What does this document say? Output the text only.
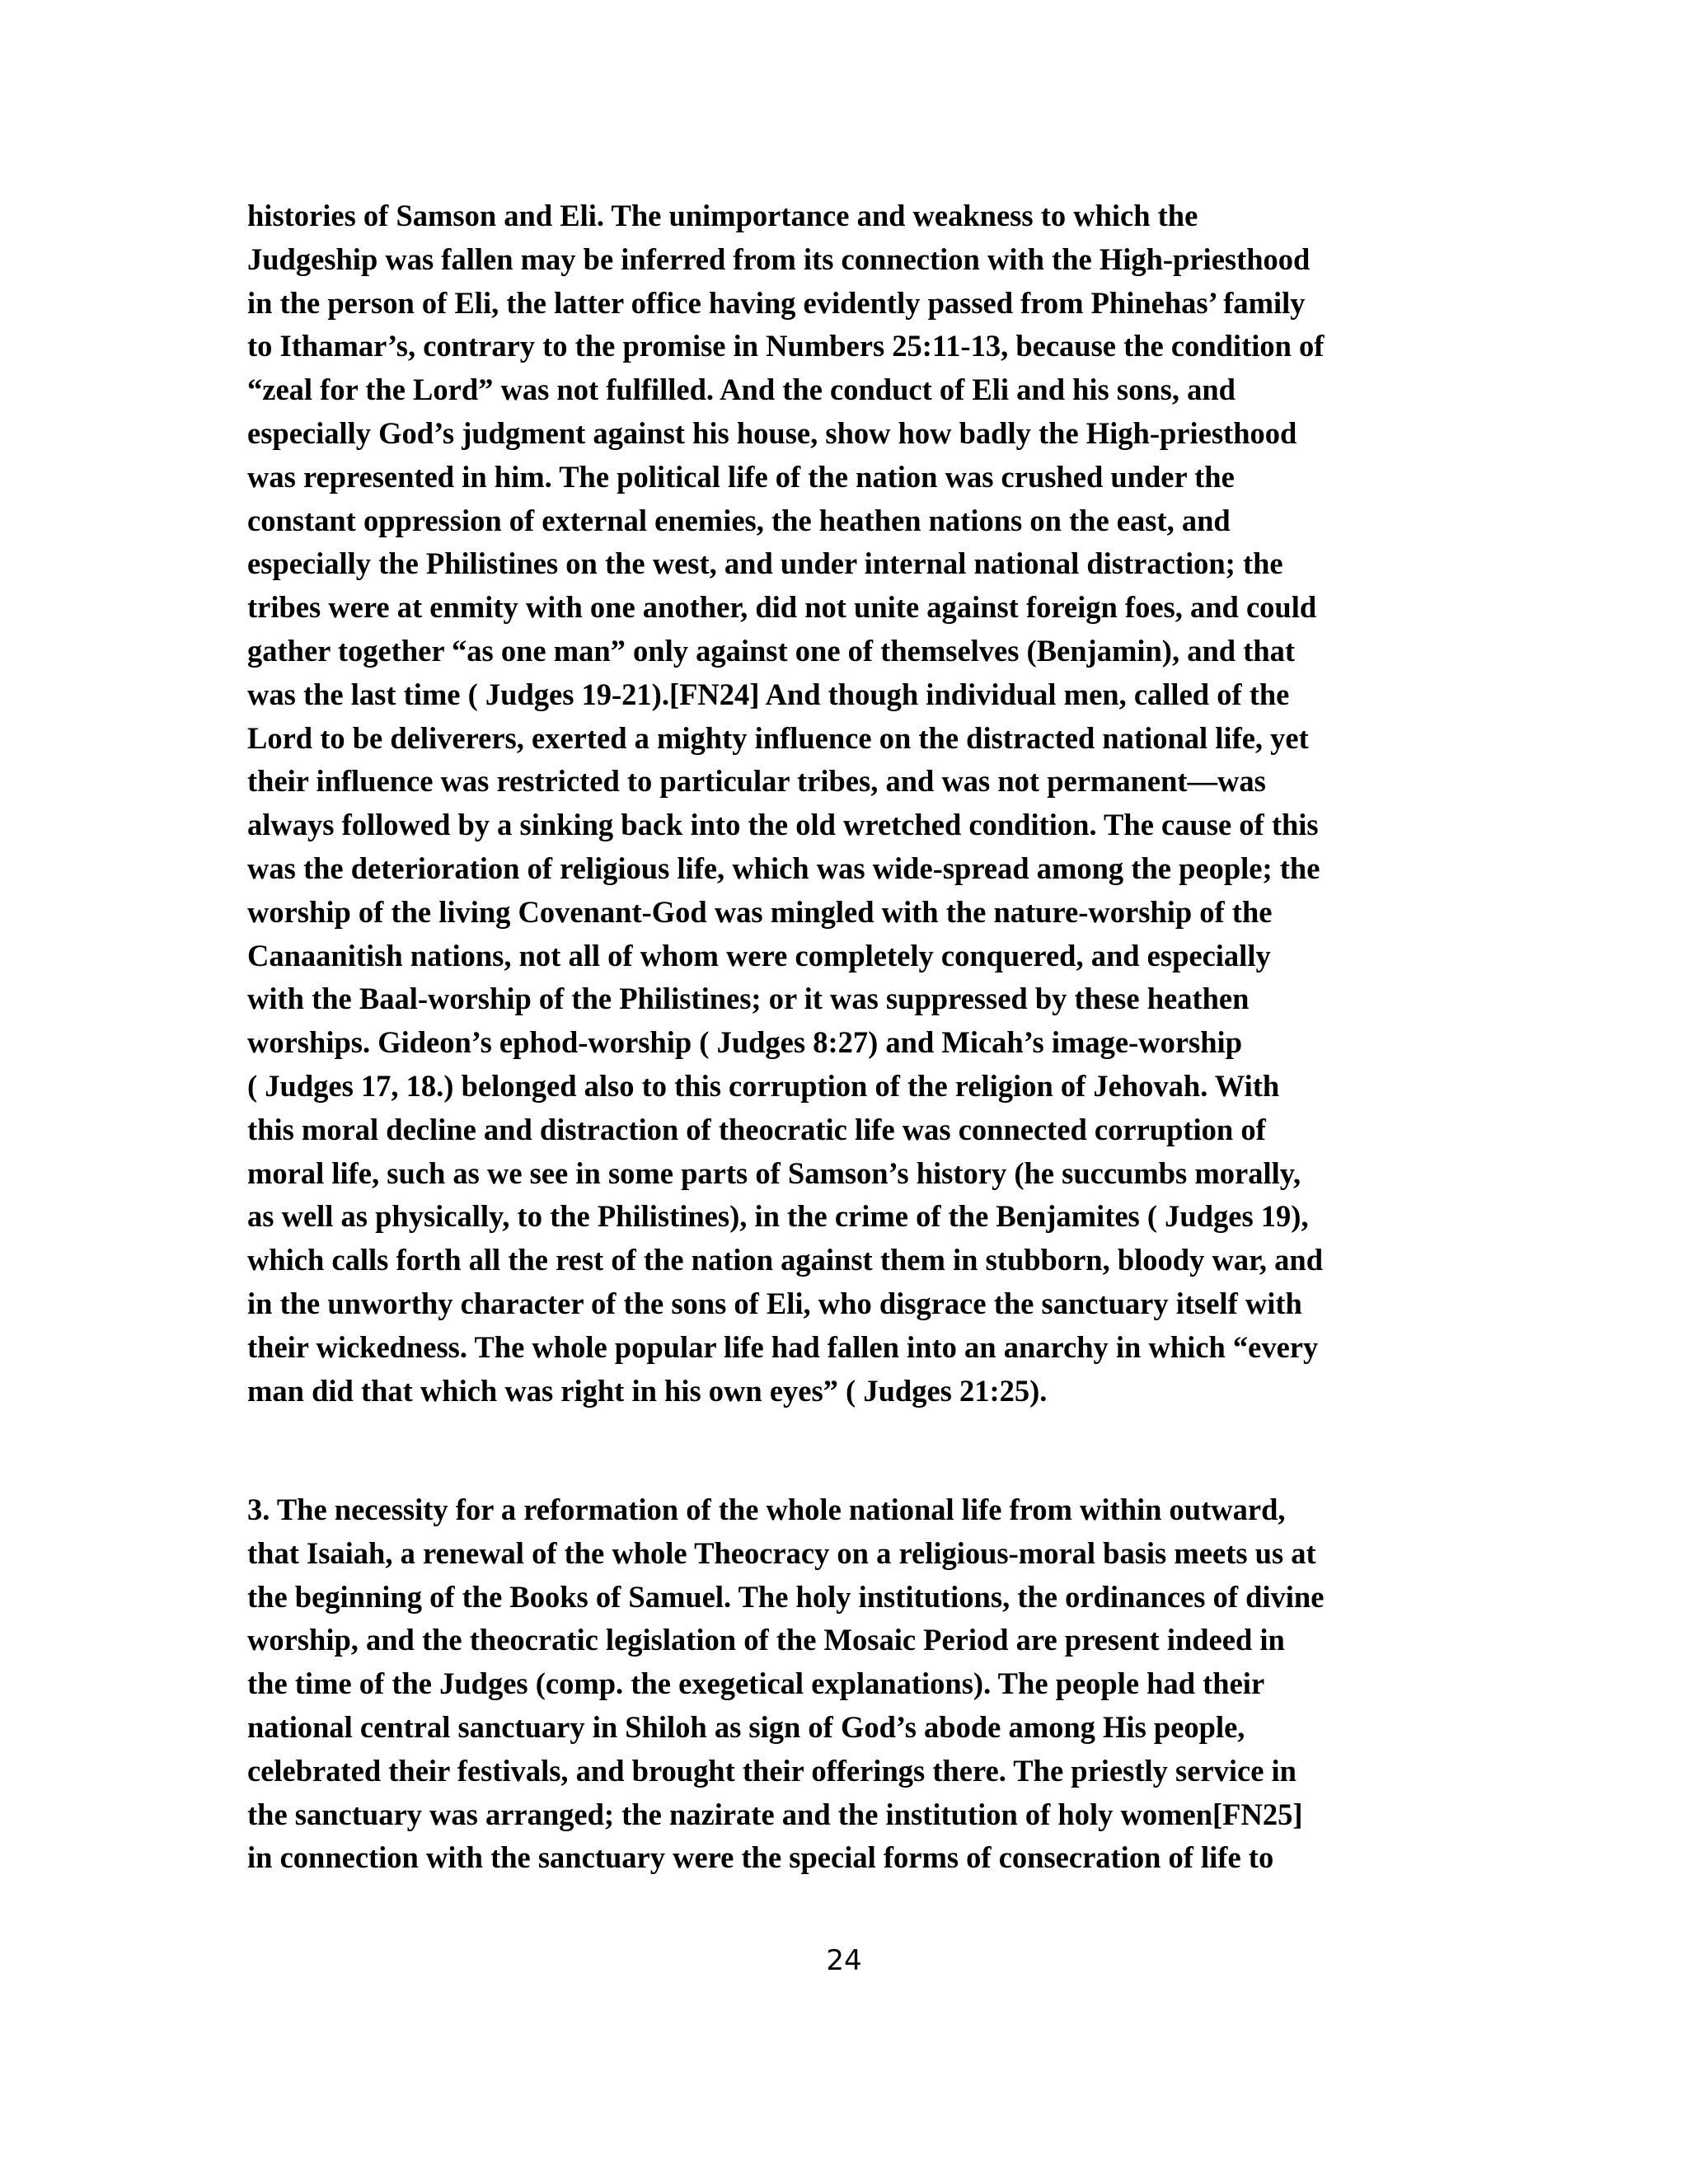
histories of Samson and Eli. The unimportance and weakness to which the
Judgeship was fallen may be inferred from its connection with the High-priesthood
in the person of Eli, the latter office having evidently passed from Phinehas’ family
to Ithamar’s, contrary to the promise in Numbers 25:11-13, because the condition of
“zeal for the Lord” was not fulfilled. And the conduct of Eli and his sons, and
especially God’s judgment against his house, show how badly the High-priesthood
was represented in him. The political life of the nation was crushed under the
constant oppression of external enemies, the heathen nations on the east, and
especially the Philistines on the west, and under internal national distraction; the
tribes were at enmity with one another, did not unite against foreign foes, and could
gather together “as one man” only against one of themselves (Benjamin), and that
was the last time ( Judges 19-21).[FN24] And though individual men, called of the
Lord to be deliverers, exerted a mighty influence on the distracted national life, yet
their influence was restricted to particular tribes, and was not permanent—was
always followed by a sinking back into the old wretched condition. The cause of this
was the deterioration of religious life, which was wide-spread among the people; the
worship of the living Covenant-God was mingled with the nature-worship of the
Canaanitish nations, not all of whom were completely conquered, and especially
with the Baal-worship of the Philistines; or it was suppressed by these heathen
worships. Gideon’s ephod-worship ( Judges 8:27) and Micah’s image-worship
( Judges 17, 18.) belonged also to this corruption of the religion of Jehovah. With
this moral decline and distraction of theocratic life was connected corruption of
moral life, such as we see in some parts of Samson’s history (he succumbs morally,
as well as physically, to the Philistines), in the crime of the Benjamites ( Judges 19),
which calls forth all the rest of the nation against them in stubborn, bloody war, and
in the unworthy character of the sons of Eli, who disgrace the sanctuary itself with
their wickedness. The whole popular life had fallen into an anarchy in which “every
man did that which was right in his own eyes” ( Judges 21:25).
3. The necessity for a reformation of the whole national life from within outward,
that Isaiah, a renewal of the whole Theocracy on a religious-moral basis meets us at
the beginning of the Books of Samuel. The holy institutions, the ordinances of divine
worship, and the theocratic legislation of the Mosaic Period are present indeed in
the time of the Judges (comp. the exegetical explanations). The people had their
national central sanctuary in Shiloh as sign of God’s abode among His people,
celebrated their festivals, and brought their offerings there. The priestly service in
the sanctuary was arranged; the nazirate and the institution of holy women[FN25]
in connection with the sanctuary were the special forms of consecration of life to
24
